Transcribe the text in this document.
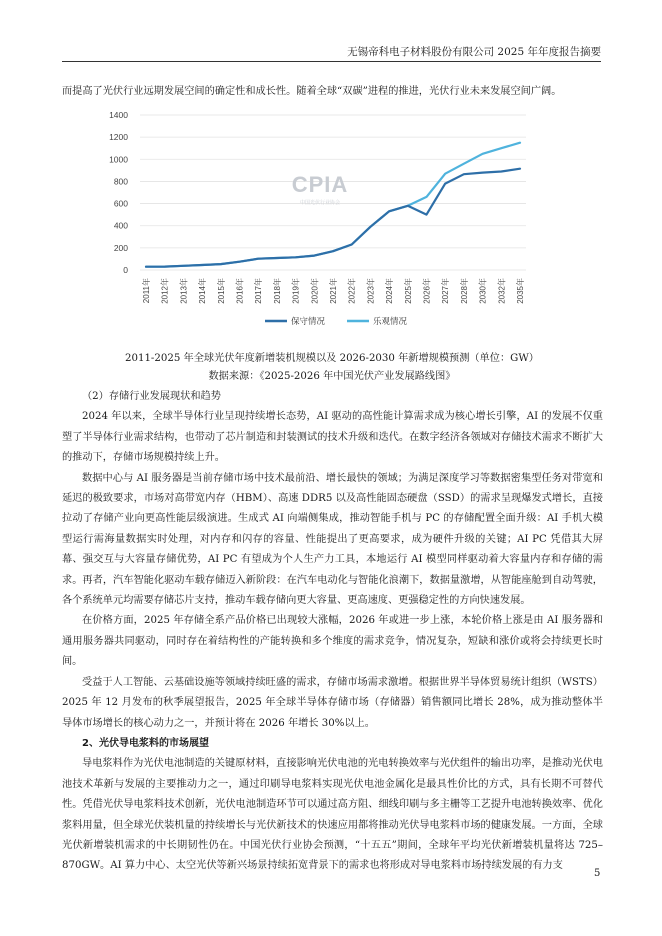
无锡帝科电子材料股份有限公司 2025 年年度报告摘要
而提高了光伏行业远期发展空间的确定性和成长性。随着全球“双碳”进程的推进，光伏行业未来发展空间广阔。
CPIA
中国光伏行业协会
0
200
400
600
800
1000
1200
1400
2011年 2012年 2013年 2014年 2015年 2016年 2017年 2018年 2019年 2020年 2021年 2022年 2023年 2024年 2025年 2026年 2027年 2028年 2030年 2032年 2035年
保守情况	乐观情况
2011-2025 年全球光伏年度新增装机规模以及 2026-2030 年新增规模预测（单位：GW）
数据来源：《2025-2026 年中国光伏产业发展路线图》

（2）存储行业发展现状和趋势

2024 年以来，全球半导体行业呈现持续增长态势，AI 驱动的高性能计算需求成为核心增长引擎，AI 的发展不仅重塑了半导体行业需求结构，也带动了芯片制造和封装测试的技术升级和迭代。在数字经济各领域对存储技术需求不断扩大的推动下，存储市场规模持续上升。

数据中心与 AI 服务器是当前存储市场中技术最前沿、增长最快的领域；为满足深度学习等数据密集型任务对带宽和延迟的极致要求，市场对高带宽内存（HBM）、高速 DDR5 以及高性能固态硬盘（SSD）的需求呈现爆发式增长，直接拉动了存储产业向更高性能层级演进。生成式 AI 向端侧集成，推动智能手机与 PC 的存储配置全面升级：AI 手机大模型运行需海量数据实时处理，对内存和闪存的容量、性能提出了更高要求，成为硬件升级的关键；AI PC 凭借其大屏幕、强交互与大容量存储优势，AI PC 有望成为个人生产力工具，本地运行 AI 模型同样驱动着大容量内存和存储的需求。再者，汽车智能化驱动车载存储迈入新阶段：在汽车电动化与智能化浪潮下，数据量激增，从智能座舱到自动驾驶，各个系统单元均需要存储芯片支持，推动车载存储向更大容量、更高速度、更强稳定性的方向快速发展。

在价格方面，2025 年存储全系产品价格已出现较大涨幅，2026 年或进一步上涨，本轮价格上涨是由 AI 服务器和通用服务器共同驱动，同时存在着结构性的产能转换和多个维度的需求竞争，情况复杂，短缺和涨价或将会持续更长时间。

受益于人工智能、云基础设施等领域持续旺盛的需求，存储市场需求激增。根据世界半导体贸易统计组织（WSTS）2025 年 12 月发布的秋季展望报告，2025 年全球半导体存储市场（存储器）销售额同比增长 28%，成为推动整体半导体市场增长的核心动力之一，并预计将在 2026 年增长 30%以上。

2、光伏导电浆料的市场展望

导电浆料作为光伏电池制造的关键原材料，直接影响光伏电池的光电转换效率与光伏组件的输出功率，是推动光伏电池技术革新与发展的主要推动力之一，通过印刷导电浆料实现光伏电池金属化是最具性价比的方式，具有长期不可替代性。凭借光伏导电浆料技术创新，光伏电池制造环节可以通过高方阻、细线印刷与多主栅等工艺提升电池转换效率、优化浆料用量，但全球光伏装机量的持续增长与光伏新技术的快速应用都将推动光伏导电浆料市场的健康发展。一方面，全球光伏新增装机需求的中长期韧性仍在。中国光伏行业协会预测，“十五五”期间，全球年平均光伏新增装机量将达 725–870GW。AI 算力中心、太空光伏等新兴场景持续拓宽背景下的需求也将形成对导电浆料市场持续发展的有力支

5
